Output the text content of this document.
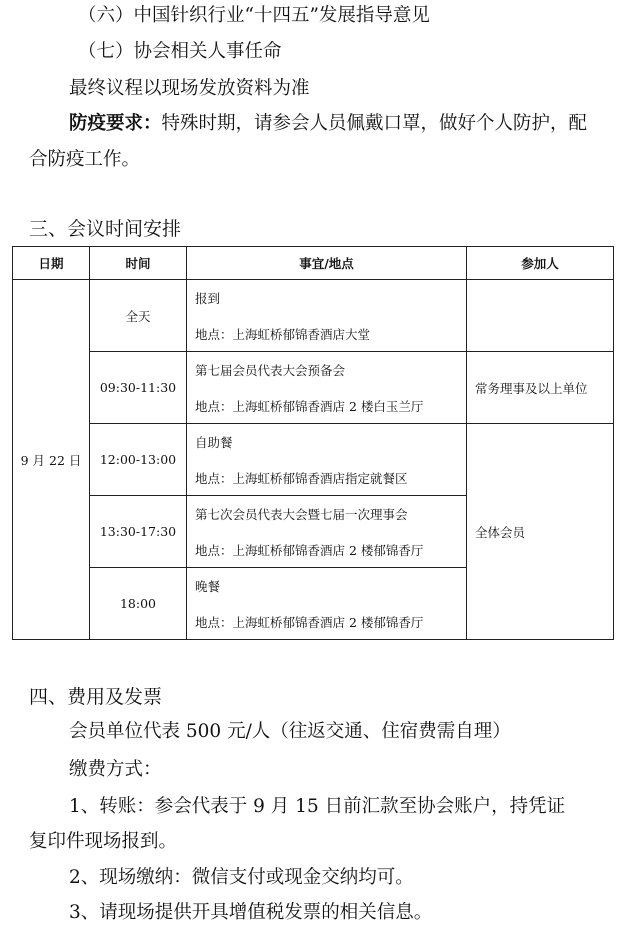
（六）中国针织行业“十四五”发展指导意见
（七）协会相关人事任命
最终议程以现场发放资料为准
防疫要求：特殊时期，请参会人员佩戴口罩，做好个人防护，配
合防疫工作。
三、会议时间安排
日期	时间	事宜/地点	参加人
9 月 22 日	全天	报到
地点：上海虹桥郁锦香酒店大堂	

	09:30-11:30	第七届会员代表大会预备会
地点：上海虹桥郁锦香酒店 2 楼白玉兰厅	常务理事及以上单位
	12:00-13:00	自助餐
地点：上海虹桥郁锦香酒店指定就餐区	全体会员
	13:30-17:30	第七次会员代表大会暨七届一次理事会
地点：上海虹桥郁锦香酒店 2 楼郁锦香厅	

	18:00	晚餐
地点：上海虹桥郁锦香酒店 2 楼郁锦香厅	
四、费用及发票
会员单位代表 500 元/人（往返交通、住宿费需自理）
缴费方式：
1、转账：参会代表于 9 月 15 日前汇款至协会账户，持凭证
复印件现场报到。
2、现场缴纳：微信支付或现金交纳均可。
3、请现场提供开具增值税发票的相关信息。
